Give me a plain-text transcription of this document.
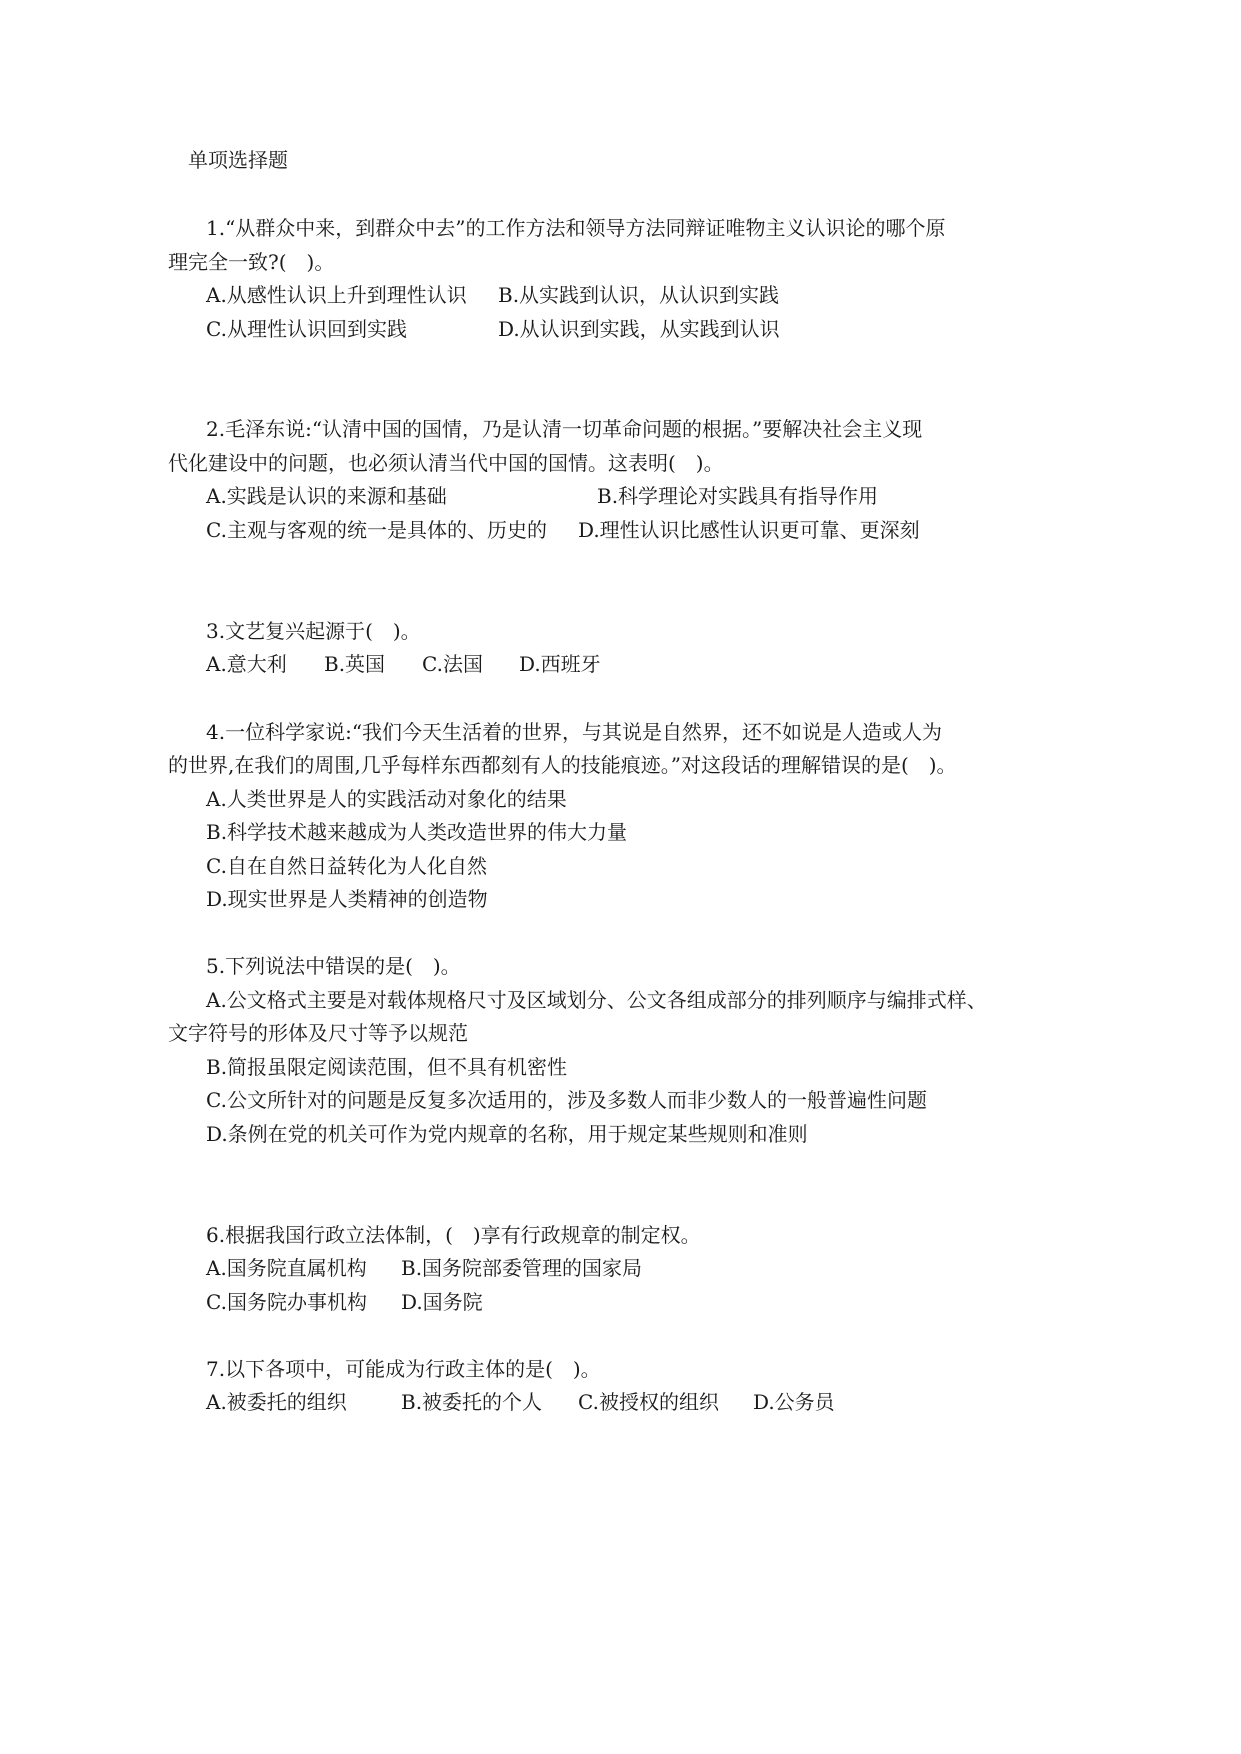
单项选择题
1.“从群众中来，到群众中去”的工作方法和领导方法同辩证唯物主义认识论的哪个原
理完全一致?(　)。
A.从感性认识上升到理性认识 B.从实践到认识，从认识到实践
C.从理性认识回到实践	D.从认识到实践，从实践到认识
2.毛泽东说:“认清中国的国情，乃是认清一切革命问题的根据。”要解决社会主义现
代化建设中的问题，也必须认清当代中国的国情。这表明(　)。
A.实践是认识的来源和基础	B.科学理论对实践具有指导作用
C.主观与客观的统一是具体的、历史的 D.理性认识比感性认识更可靠、更深刻
3.文艺复兴起源于(　)。
A.意大利 B.英国 C.法国 D.西班牙
4.一位科学家说:“我们今天生活着的世界，与其说是自然界，还不如说是人造或人为
的世界,在我们的周围,几乎每样东西都刻有人的技能痕迹。”对这段话的理解错误的是(　)。
A.人类世界是人的实践活动对象化的结果
B.科学技术越来越成为人类改造世界的伟大力量
C.自在自然日益转化为人化自然
D.现实世界是人类精神的创造物
5.下列说法中错误的是(　)。
A.公文格式主要是对载体规格尺寸及区域划分、公文各组成部分的排列顺序与编排式样、
文字符号的形体及尺寸等予以规范
B.简报虽限定阅读范围，但不具有机密性
C.公文所针对的问题是反复多次适用的，涉及多数人而非少数人的一般普遍性问题
D.条例在党的机关可作为党内规章的名称，用于规定某些规则和准则
6.根据我国行政立法体制，(　)享有行政规章的制定权。
A.国务院直属机构 B.国务院部委管理的国家局
C.国务院办事机构 D.国务院
7.以下各项中，可能成为行政主体的是(　)。
A.被委托的组织	B.被委托的个人 C.被授权的组织 D.公务员
